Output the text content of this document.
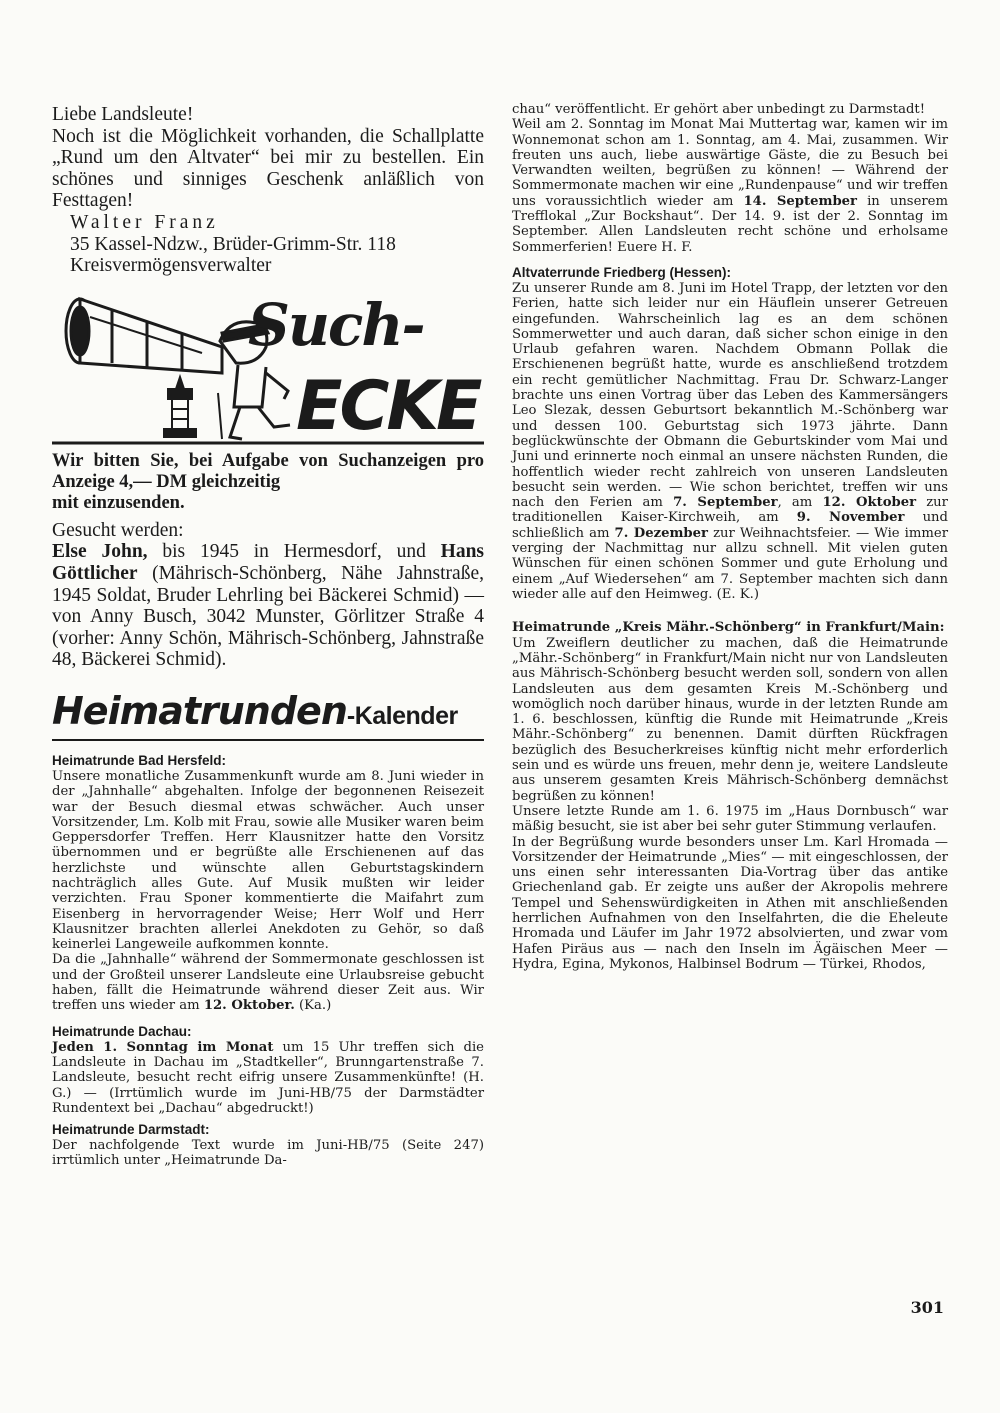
Liebe Landsleute!

Noch ist die Möglichkeit vorhanden, die Schallplatte „Rund um den Altvater“ bei mir zu bestellen. Ein schönes und sinniges Geschenk anläßlich von Festtagen!

Walter Franz

35 Kassel-Ndzw., Brüder-Grimm-Str. 118

Kreisvermögensverwalter

Such-
ECKE

Wir bitten Sie, bei Aufgabe von Suchanzeigen pro Anzeige 4,— DM gleichzeitig

mit einzusenden.

Gesucht werden:

Else John, bis 1945 in Hermesdorf, und Hans Göttlicher (Mährisch-Schönberg, Nähe Jahnstraße, 1945 Soldat, Bruder Lehrling bei Bäckerei Schmid) — von Anny Busch, 3042 Munster, Görlitzer Straße 4 (vorher: Anny Schön, Mährisch-Schönberg, Jahnstraße 48, Bäckerei Schmid).

Heimatrunden -Kalender

Heimatrunde Bad Hersfeld:

Unsere monatliche Zusammenkunft wurde am 8. Juni wieder in der „Jahnhalle“ abgehalten. Infolge der begonnenen Reisezeit war der Besuch diesmal etwas schwächer. Auch unser Vorsitzender, Lm. Kolb mit Frau, sowie alle Musiker waren beim Geppersdorfer Treffen. Herr Klausnitzer hatte den Vorsitz übernommen und er begrüßte alle Erschienenen auf das herzlichste und wünschte allen Geburtstagskindern nachträglich alles Gute. Auf Musik mußten wir leider verzichten. Frau Sponer kommentierte die Maifahrt zum Eisenberg in hervorragender Weise; Herr Wolf und Herr Klausnitzer brachten allerlei Anekdoten zu Gehör, so daß keinerlei Langeweile aufkommen konnte.

Da die „Jahnhalle“ während der Sommermonate geschlossen ist und der Großteil unserer Landsleute eine Urlaubsreise gebucht haben, fällt die Heimatrunde während dieser Zeit aus. Wir treffen uns wieder am 12. Oktober. (Ka.)

Heimatrunde Dachau:

Jeden 1. Sonntag im Monat um 15 Uhr treffen sich die Landsleute in Dachau im „Stadtkeller“, Brunngartenstraße 7. Landsleute, besucht recht eifrig unsere Zusammenkünfte! (H. G.) — (Irrtümlich wurde im Juni-HB/75 der Darmstädter Rundentext bei „Dachau“ abgedruckt!)

Heimatrunde Darmstadt:

Der nachfolgende Text wurde im Juni-HB/75 (Seite 247) irrtümlich unter „Heimatrunde Da-

chau“ veröffentlicht. Er gehört aber unbedingt zu Darmstadt!

Weil am 2. Sonntag im Monat Mai Muttertag war, kamen wir im Wonnemonat schon am 1. Sonntag, am 4. Mai, zusammen. Wir freuten uns auch, liebe auswärtige Gäste, die zu Besuch bei Verwandten weilten, begrüßen zu können! — Während der Sommermonate machen wir eine „Rundenpause“ und wir treffen uns voraussichtlich wieder am 14. September in unserem Trefflokal „Zur Bockshaut“. Der 14. 9. ist der 2. Sonntag im September. Allen Landsleuten recht schöne und erholsame Sommerferien! Euere H. F.

Altvaterrunde Friedberg (Hessen):

Zu unserer Runde am 8. Juni im Hotel Trapp, der letzten vor den Ferien, hatte sich leider nur ein Häuflein unserer Getreuen eingefunden. Wahrscheinlich lag es an dem schönen Sommerwetter und auch daran, daß sicher schon einige in den Urlaub gefahren waren. Nachdem Obmann Pollak die Erschienenen begrüßt hatte, wurde es anschließend trotzdem ein recht gemütlicher Nachmittag. Frau Dr. Schwarz-Langer brachte uns einen Vortrag über das Leben des Kammersängers Leo Slezak, dessen Geburtsort bekanntlich M.-Schönberg war und dessen 100. Geburtstag sich 1973 jährte. Dann beglückwünschte der Obmann die Geburtskinder vom Mai und Juni und erinnerte noch einmal an unsere nächsten Runden, die hoffentlich wieder recht zahlreich von unseren Landsleuten besucht sein werden. — Wie schon berichtet, treffen wir uns nach den Ferien am 7. September, am 12. Oktober zur traditionellen Kaiser-Kirchweih, am 9. November und schließlich am 7. Dezember zur Weihnachtsfeier. — Wie immer verging der Nachmittag nur allzu schnell. Mit vielen guten Wünschen für einen schönen Sommer und gute Erholung und einem „Auf Wiedersehen“ am 7. September machten sich dann wieder alle auf den Heimweg. (E. K.)

Heimatrunde „Kreis Mähr.-Schönberg“ in Frankfurt/Main:

Um Zweiflern deutlicher zu machen, daß die Heimatrunde „Mähr.-Schönberg“ in Frankfurt/Main nicht nur von Landsleuten aus Mährisch-Schönberg besucht werden soll, sondern von allen Landsleuten aus dem gesamten Kreis M.-Schönberg und womöglich noch darüber hinaus, wurde in der letzten Runde am 1. 6. beschlossen, künftig die Runde mit Heimatrunde „Kreis Mähr.-Schönberg“ zu benennen. Damit dürften Rückfragen bezüglich des Besucherkreises künftig nicht mehr erforderlich sein und es würde uns freuen, mehr denn je, weitere Landsleute aus unserem gesamten Kreis Mährisch-Schönberg demnächst begrüßen zu können!

Unsere letzte Runde am 1. 6. 1975 im „Haus Dornbusch“ war mäßig besucht, sie ist aber bei sehr guter Stimmung verlaufen.

In der Begrüßung wurde besonders unser Lm. Karl Hromada — Vorsitzender der Heimatrunde „Mies“ — mit eingeschlossen, der uns einen sehr interessanten Dia-Vortrag über das antike Griechenland gab. Er zeigte uns außer der Akropolis mehrere Tempel und Sehenswürdigkeiten in Athen mit anschließenden herrlichen Aufnahmen von den Inselfahrten, die die Eheleute Hromada und Läufer im Jahr 1972 absolvierten, und zwar vom Hafen Piräus aus — nach den Inseln im Ägäischen Meer — Hydra, Egina, Mykonos, Halbinsel Bodrum — Türkei, Rhodos,

301
